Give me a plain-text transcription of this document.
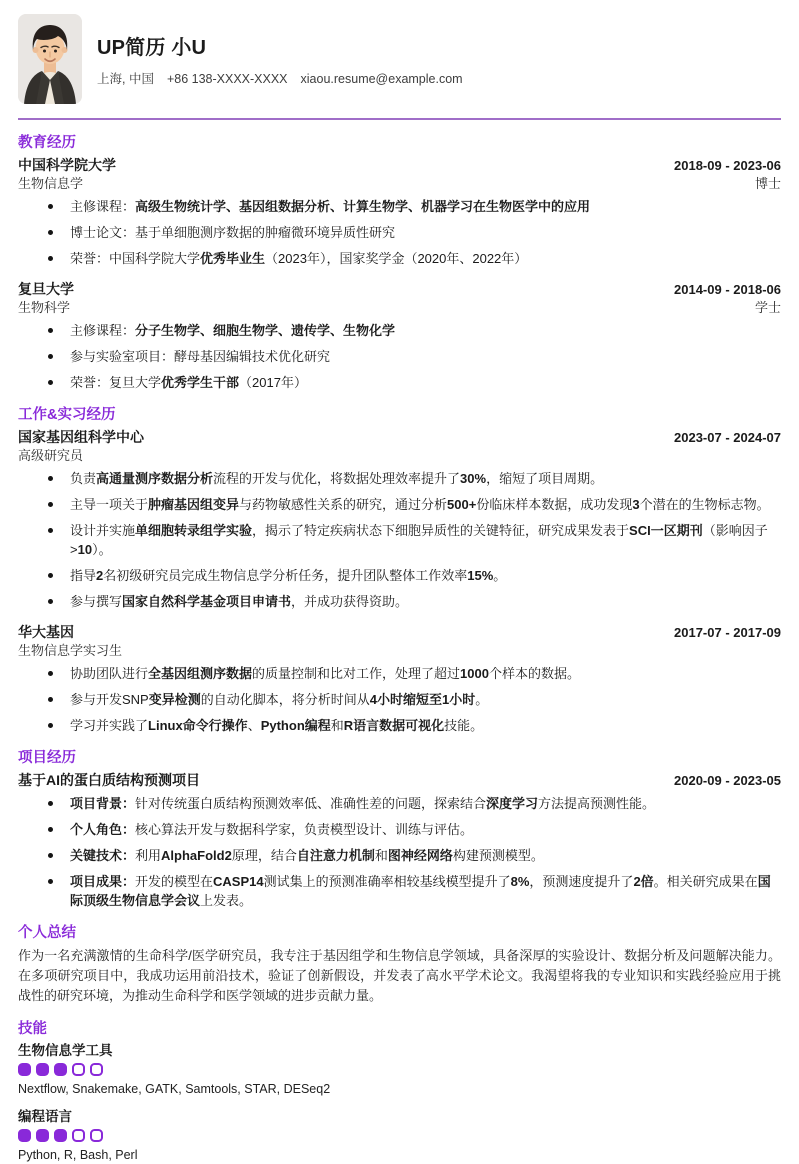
UP简历 小U
上海, 中国 +86 138-XXXX-XXXX xiaou.resume@example.com
教育经历
中国科学院大学	2018-09 - 2023-06
生物信息学	博士
主修课程：高级生物统计学、基因组数据分析、计算生物学、机器学习在生物医学中的应用
博士论文：基于单细胞测序数据的肿瘤微环境异质性研究
荣誉：中国科学院大学优秀毕业生（2023年），国家奖学金（2020年、2022年）
复旦大学	2014-09 - 2018-06
生物科学	学士
主修课程：分子生物学、细胞生物学、遗传学、生物化学
参与实验室项目：酵母基因编辑技术优化研究
荣誉：复旦大学优秀学生干部（2017年）
工作&实习经历
国家基因组科学中心	2023-07 - 2024-07
高级研究员
负责高通量测序数据分析流程的开发与优化，将数据处理效率提升了30%，缩短了项目周期。
主导一项关于肿瘤基因组变异与药物敏感性关系的研究，通过分析500+份临床样本数据，成功发现3个潜在的生物标志物。
设计并实施单细胞转录组学实验，揭示了特定疾病状态下细胞异质性的关键特征，研究成果发表于SCI一区期刊（影响因子>10）。
指导2名初级研究员完成生物信息学分析任务，提升团队整体工作效率15%。
参与撰写国家自然科学基金项目申请书，并成功获得资助。
华大基因	2017-07 - 2017-09
生物信息学实习生
协助团队进行全基因组测序数据的质量控制和比对工作，处理了超过1000个样本的数据。
参与开发SNP变异检测的自动化脚本，将分析时间从4小时缩短至1小时。
学习并实践了Linux命令行操作、Python编程和R语言数据可视化技能。
项目经历
基于AI的蛋白质结构预测项目	2020-09 - 2023-05
项目背景：针对传统蛋白质结构预测效率低、准确性差的问题，探索结合深度学习方法提高预测性能。
个人角色：核心算法开发与数据科学家，负责模型设计、训练与评估。
关键技术：利用AlphaFold2原理，结合自注意力机制和图神经网络构建预测模型。
项目成果：开发的模型在CASP14测试集上的预测准确率相较基线模型提升了8%，预测速度提升了2倍。相关研究成果在国际顶级生物信息学会议上发表。
个人总结

作为一名充满激情的生命科学/医学研究员，我专注于基因组学和生物信息学领域，具备深厚的实验设计、数据分析及问题解决能力。在多项研究项目中，我成功运用前沿技术，验证了创新假设，并发表了高水平学术论文。我渴望将我的专业知识和实践经验应用于挑战性的研究环境，为推动生命科学和医学领域的进步贡献力量。

技能
生物信息学工具
Nextflow, Snakemake, GATK, Samtools, STAR, DESeq2
编程语言
Python, R, Bash, Perl
